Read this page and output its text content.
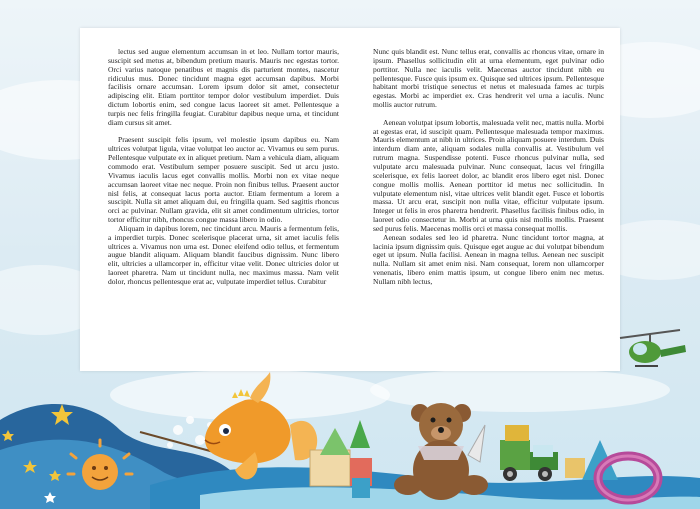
lectus sed augue elementum accumsan in et leo. Nullam tortor mauris, suscipit sed metus at, bibendum pretium mauris. Mauris nec egestas tortor. Orci varius natoque penatibus et magnis dis parturient montes, nascetur ridiculus mus. Donec tincidunt magna eget accumsan dapibus. Morbi facilisis ornare accumsan. Lorem ipsum dolor sit amet, consectetur adipiscing elit. Etiam porttitor tempor dolor vestibulum imperdiet. Duis dictum lobortis enim, sed congue lacus laoreet sit amet. Pellentesque a turpis nec felis fringilla feugiat. Curabitur dapibus neque urna, et tincidunt diam cursus sit amet.

Praesent suscipit felis ipsum, vel molestie ipsum dapibus eu. Nam ultrices volutpat ligula, vitae volutpat leo auctor ac. Vivamus eu sem purus. Pellentesque vulputate ex in aliquet pretium. Nam a vehicula diam, aliquam commodo erat. Vestibulum semper posuere suscipit. Sed ut arcu justo. Vivamus iaculis lacus eget convallis mollis. Morbi non ex vitae neque accumsan laoreet vitae nec neque. Proin non finibus tellus. Praesent auctor nisl felis, at consequat lacus porta auctor. Etiam fermentum a lorem a suscipit. Nulla sit amet aliquam dui, eu fringilla quam. Sed sagittis rhoncus orci ac pulvinar. Nullam gravida, elit sit amet condimentum ultricies, tortor tortor efficitur nibh, rhoncus congue massa libero in odio.

Aliquam in dapibus lorem, nec tincidunt arcu. Mauris a fermentum felis, a imperdiet turpis. Donec scelerisque placerat urna, sit amet iaculis felis ultrices a. Vivamus non urna est. Donec eleifend odio tellus, et fermentum augue blandit aliquam. Aliquam blandit faucibus dignissim. Nunc libero elit, ultricies a ullamcorper in, efficitur vitae velit. Donec ultricies dolor ut laoreet pharetra. Nam ut tincidunt nulla, nec maximus massa. Nam velit dolor, rhoncus pellentesque erat ac, vulputate imperdiet tellus. Curabitur

Nunc quis blandit est. Nunc tellus erat, convallis ac rhoncus vitae, ornare in ipsum. Phasellus sollicitudin elit at urna elementum, eget pulvinar odio porttitor. Nulla nec iaculis velit. Maecenas auctor tincidunt nibh eu pellentesque. Fusce quis ipsum ex. Quisque sed ultrices ipsum. Pellentesque habitant morbi tristique senectus et netus et malesuada fames ac turpis egestas. Morbi ac imperdiet ex. Cras hendrerit vel urna a iaculis. Nunc mollis auctor rutrum.

Aenean volutpat ipsum lobortis, malesuada velit nec, mattis nulla. Morbi at egestas erat, id suscipit quam. Pellentesque malesuada tempor maximus. Mauris elementum at nibh in ultrices. Proin aliquam posuere interdum. Duis interdum diam ante, aliquam sodales nulla convallis at. Vestibulum vel rutrum magna. Suspendisse potenti. Fusce rhoncus pulvinar nulla, sed vulputate arcu malesuada pulvinar. Nunc consequat, lacus vel fringilla scelerisque, ex felis laoreet dolor, ac blandit eros libero eget nisl. Donec congue mollis mollis. Aenean porttitor id metus nec sollicitudin. In vulputate elementum nisl, vitae ultrices velit blandit eget. Fusce et lobortis massa. Ut arcu erat, suscipit non nulla vitae, efficitur vulputate ipsum. Integer ut felis in eros pharetra hendrerit. Phasellus facilisis finibus odio, in laoreet odio consectetur in. Morbi at urna quis nisl mollis mollis. Praesent sed purus felis. Maecenas mollis orci et massa consequat mollis.

Aenean sodales sed leo id pharetra. Nunc tincidunt tortor magna, at lacinia ipsum dignissim quis. Quisque eget augue ac dui volutpat bibendum eget ut ipsum. Nulla facilisi. Aenean in magna tellus. Aenean nec suscipit nulla. Nullam sit amet enim nisi. Nam consequat, lorem non ullamcorper venenatis, libero enim mattis ipsum, ut congue libero enim nec metus. Nullam nibh lectus,
